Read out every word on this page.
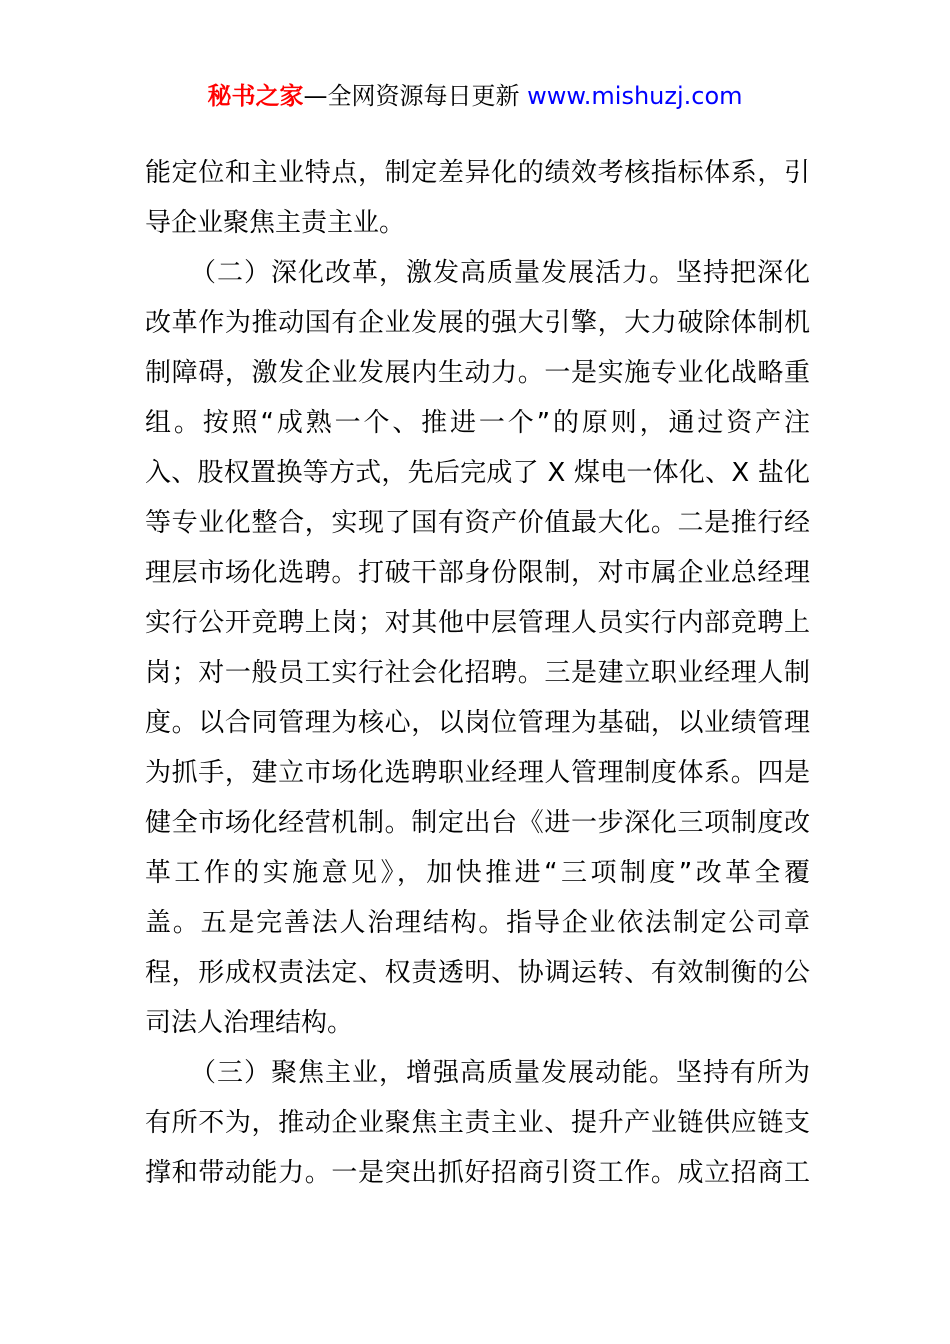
秘书之家—全网资源每日更新 www.mishuzj.com
能定位和主业特点，制定差异化的绩效考核指标体系，引
导企业聚焦主责主业。
（二）深化改革，激发高质量发展活力。坚持把深化
改革作为推动国有企业发展的强大引擎，大力破除体制机
制障碍，激发企业发展内生动力。一是实施专业化战略重
组。按照“成熟一个、推进一个”的原则，通过资产注
入、股权置换等方式，先后完成了 X 煤电一体化、X 盐化
等专业化整合，实现了国有资产价值最大化。二是推行经
理层市场化选聘。打破干部身份限制，对市属企业总经理
实行公开竞聘上岗；对其他中层管理人员实行内部竞聘上
岗；对一般员工实行社会化招聘。三是建立职业经理人制
度。以合同管理为核心，以岗位管理为基础，以业绩管理
为抓手，建立市场化选聘职业经理人管理制度体系。四是
健全市场化经营机制。制定出台《进一步深化三项制度改
革工作的实施意见》，加快推进“三项制度”改革全覆
盖。五是完善法人治理结构。指导企业依法制定公司章
程，形成权责法定、权责透明、协调运转、有效制衡的公
司法人治理结构。
（三）聚焦主业，增强高质量发展动能。坚持有所为
有所不为，推动企业聚焦主责主业、提升产业链供应链支
撑和带动能力。一是突出抓好招商引资工作。成立招商工
